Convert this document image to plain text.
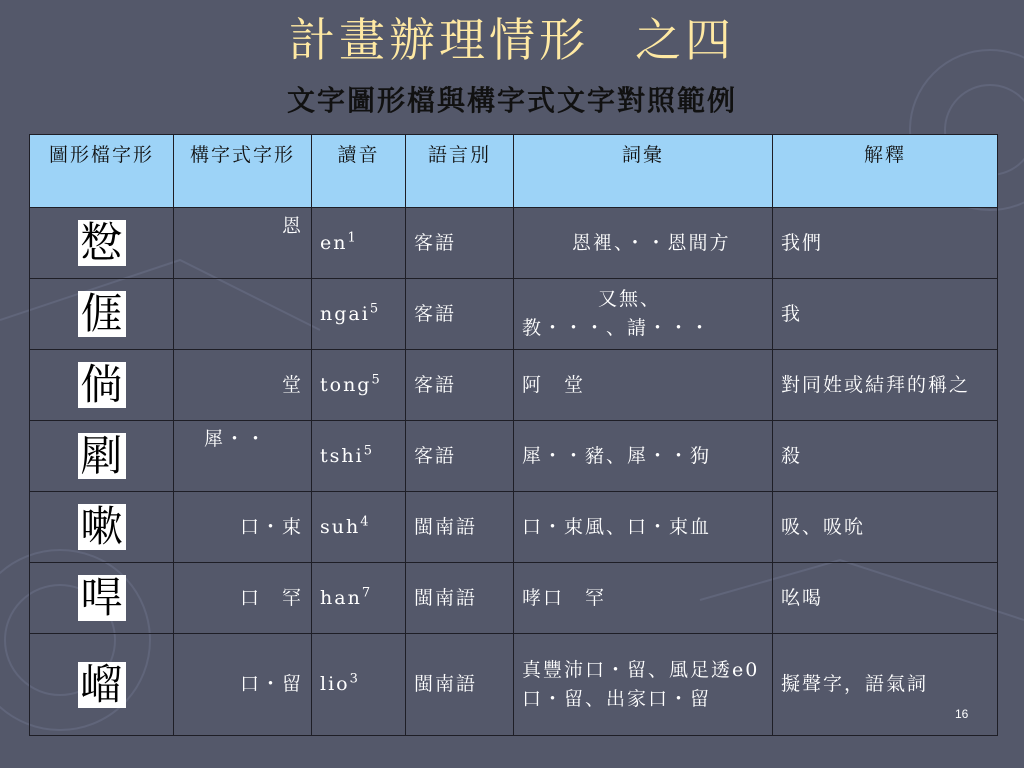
計畫辦理情形 之四
文字圖形檔與構字式文字對照範例
圖形檔字形	構字式字形	讀音	語言別	詞彙	解釋
㥹	恩	$en^1$	客語	恩裡、・・恩間方	我們
𠊎		ngai$^5$	客語	又無、教・・・、請・・・	我
倘	堂	tong$^5$	客語	阿　堂	對同姓或結拜的稱之
㓾	犀・・	tshi$^5$	客語	犀・・豬、犀・・狗	殺
嗽	口・束	suh$^4$	閩南語	口・束風、口・束血	吸、吸吮
哻	口　罕	han$^7$	閩南語	哮口　罕	吆喝
嵧	口・留	lio$^3$	閩南語	真豐沛口・留、風足透e0口・留、出家口・留	擬聲字，語氣詞
16
